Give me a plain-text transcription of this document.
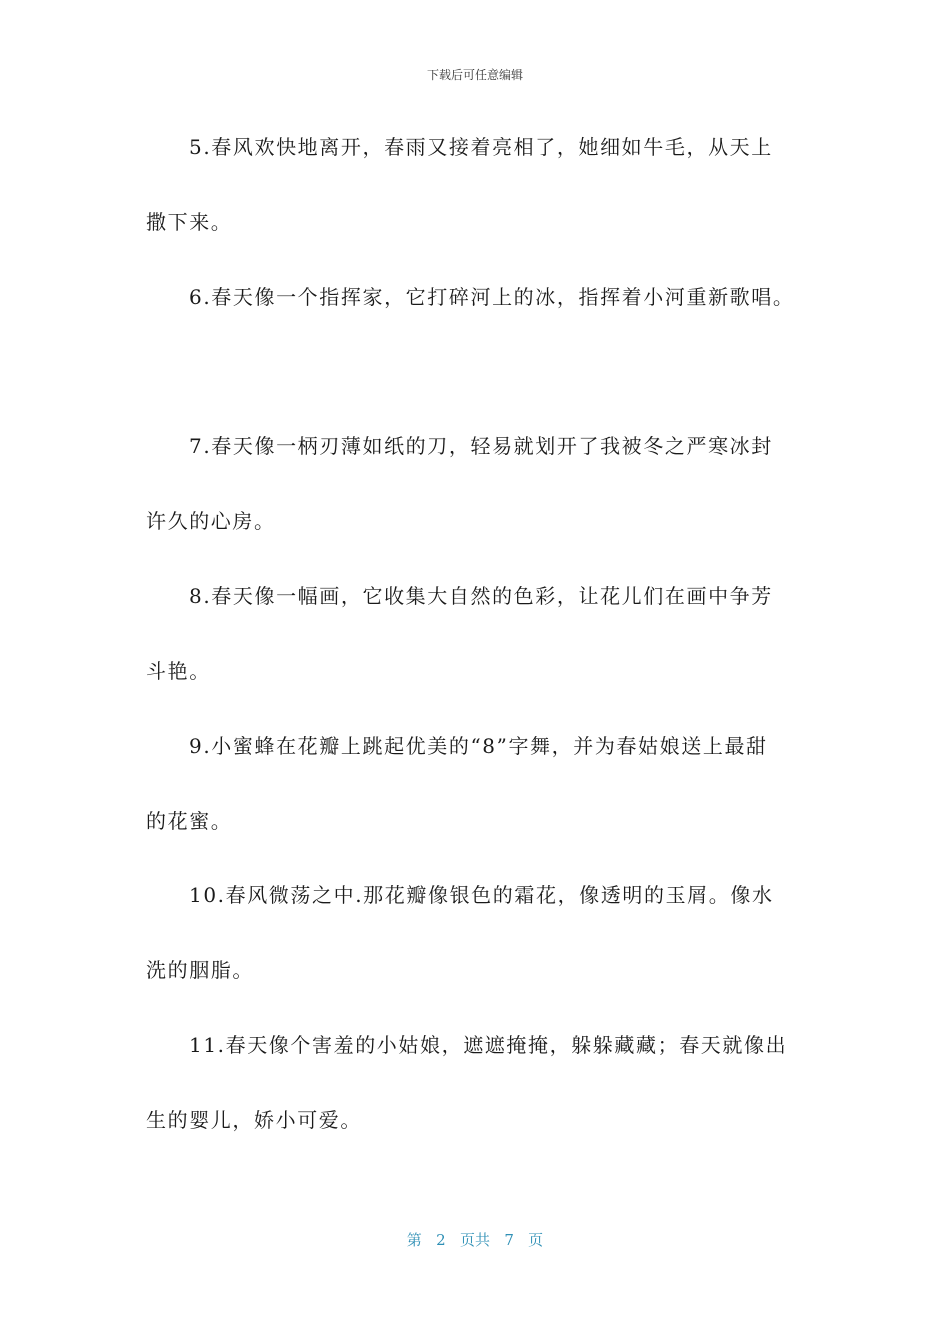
下载后可任意编辑
5.春风欢快地离开，春雨又接着亮相了，她细如牛毛，从天上
撒下来。
6.春天像一个指挥家，它打碎河上的冰，指挥着小河重新歌唱。
7.春天像一柄刃薄如纸的刀，轻易就划开了我被冬之严寒冰封
许久的心房。
8.春天像一幅画，它收集大自然的色彩，让花儿们在画中争芳
斗艳。
9.小蜜蜂在花瓣上跳起优美的“8”字舞，并为春姑娘送上最甜
的花蜜。
10.春风微荡之中.那花瓣像银色的霜花，像透明的玉屑。像水
洗的胭脂。
11.春天像个害羞的小姑娘，遮遮掩掩，躲躲藏藏；春天就像出
生的婴儿，娇小可爱。
第 2 页共 7 页
